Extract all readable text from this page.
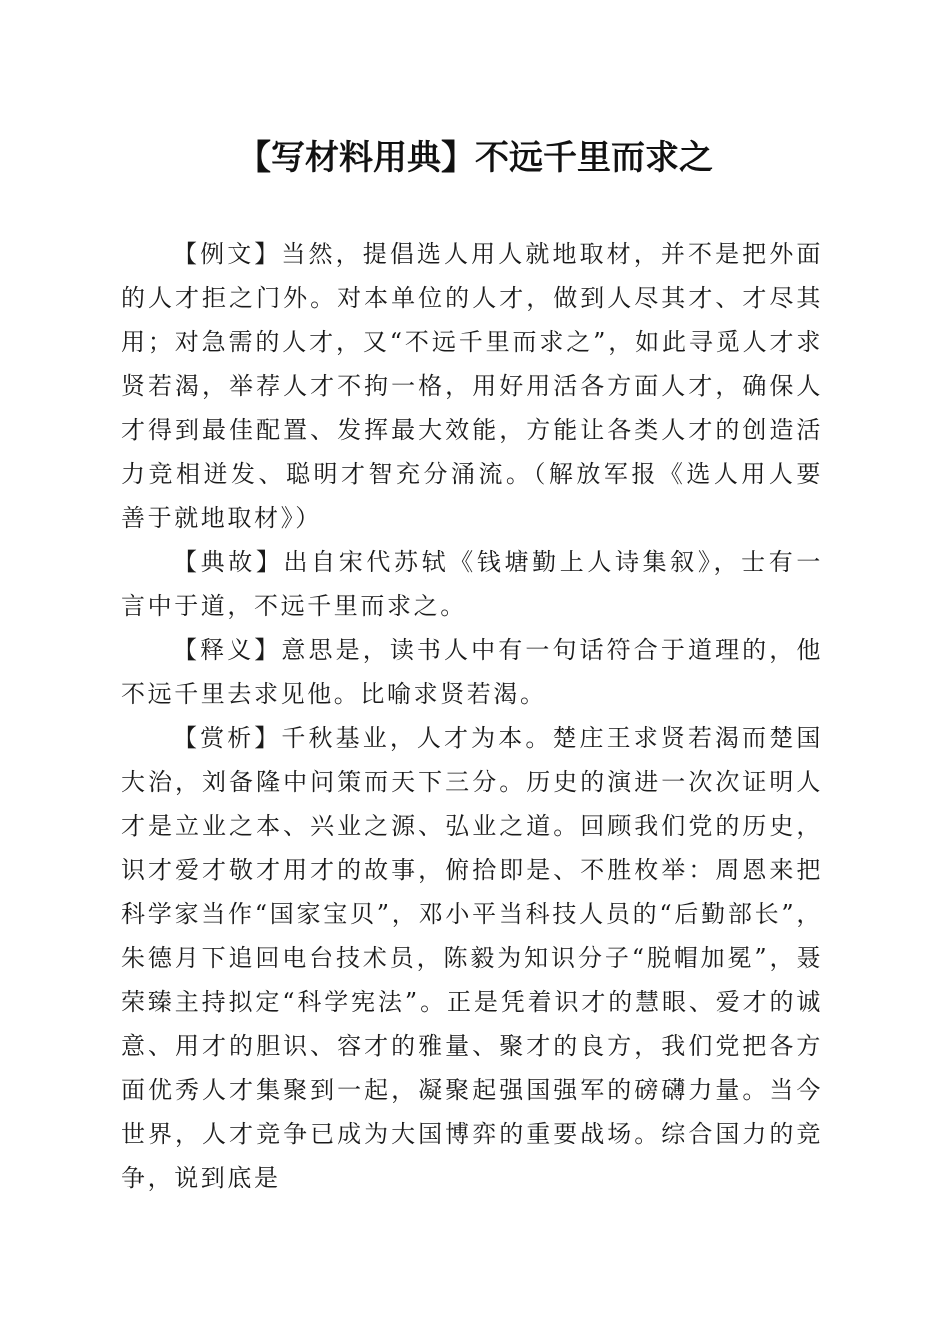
【写材料用典】不远千里而求之

【例文】当然，提倡选人用人就地取材，并不是把外面的人才拒之门外。对本单位的人才，做到人尽其才、才尽其用；对急需的人才，又“不远千里而求之”，如此寻觅人才求贤若渴，举荐人才不拘一格，用好用活各方面人才，确保人才得到最佳配置、发挥最大效能，方能让各类人才的创造活力竞相迸发、聪明才智充分涌流。（解放军报《选人用人要善于就地取材》）

【典故】出自宋代苏轼《钱塘勤上人诗集叙》，士有一言中于道，不远千里而求之。

【释义】意思是，读书人中有一句话符合于道理的，他不远千里去求见他。比喻求贤若渴。

【赏析】千秋基业，人才为本。楚庄王求贤若渴而楚国大治，刘备隆中问策而天下三分。历史的演进一次次证明人才是立业之本、兴业之源、弘业之道。回顾我们党的历史，识才爱才敬才用才的故事，俯拾即是、不胜枚举：周恩来把科学家当作“国家宝贝”，邓小平当科技人员的“后勤部长”，朱德月下追回电台技术员，陈毅为知识分子“脱帽加冕”，聂荣臻主持拟定“科学宪法”。正是凭着识才的慧眼、爱才的诚意、用才的胆识、容才的雅量、聚才的良方，我们党把各方面优秀人才集聚到一起，凝聚起强国强军的磅礴力量。当今世界，人才竞争已成为大国博弈的重要战场。综合国力的竞争，说到底是
